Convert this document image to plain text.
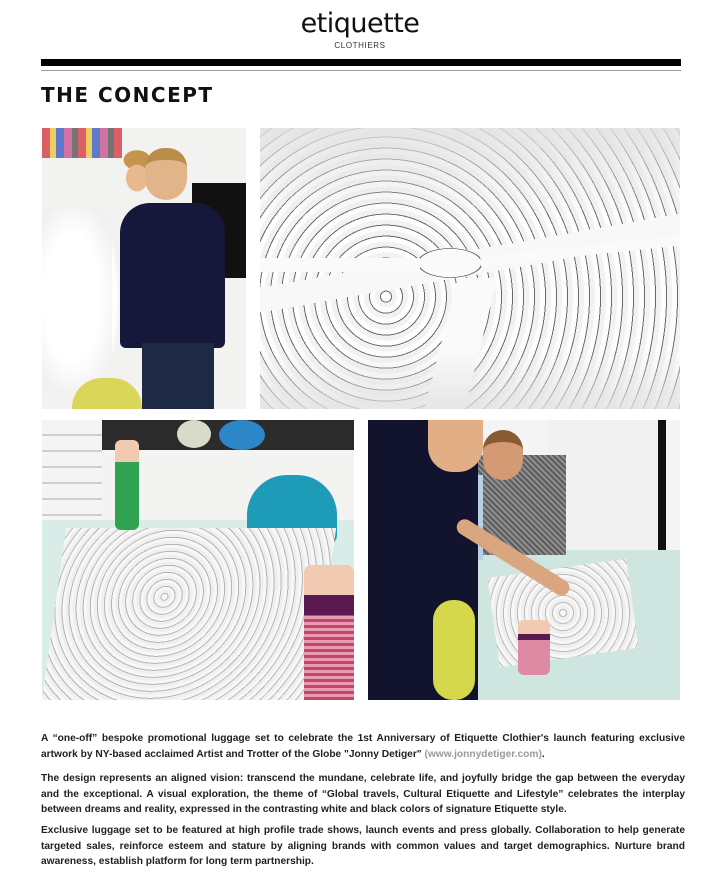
etiquette
CLOTHIERS
THE CONCEPT

A “one-off” bespoke promotional luggage set to celebrate the 1st Anniversary of Etiquette Clothier's launch featuring exclusive artwork by NY-based acclaimed Artist and Trotter of the Globe "Jonny Detiger" (www.jonnydetiger.com).

The design represents an aligned vision: transcend the mundane, celebrate life, and joyfully bridge the gap between the everyday and the exceptional. A visual exploration, the theme of “Global travels, Cultural Etiquette and Lifestyle” celebrates the interplay between dreams and reality, expressed in the contrasting white and black colors of signature Etiquette style.

Exclusive luggage set to be featured at high profile trade shows, launch events and press globally. Collaboration to help generate targeted sales, reinforce esteem and stature by aligning brands with common values and target demographics. Nurture brand awareness, establish platform for long term partnership.
